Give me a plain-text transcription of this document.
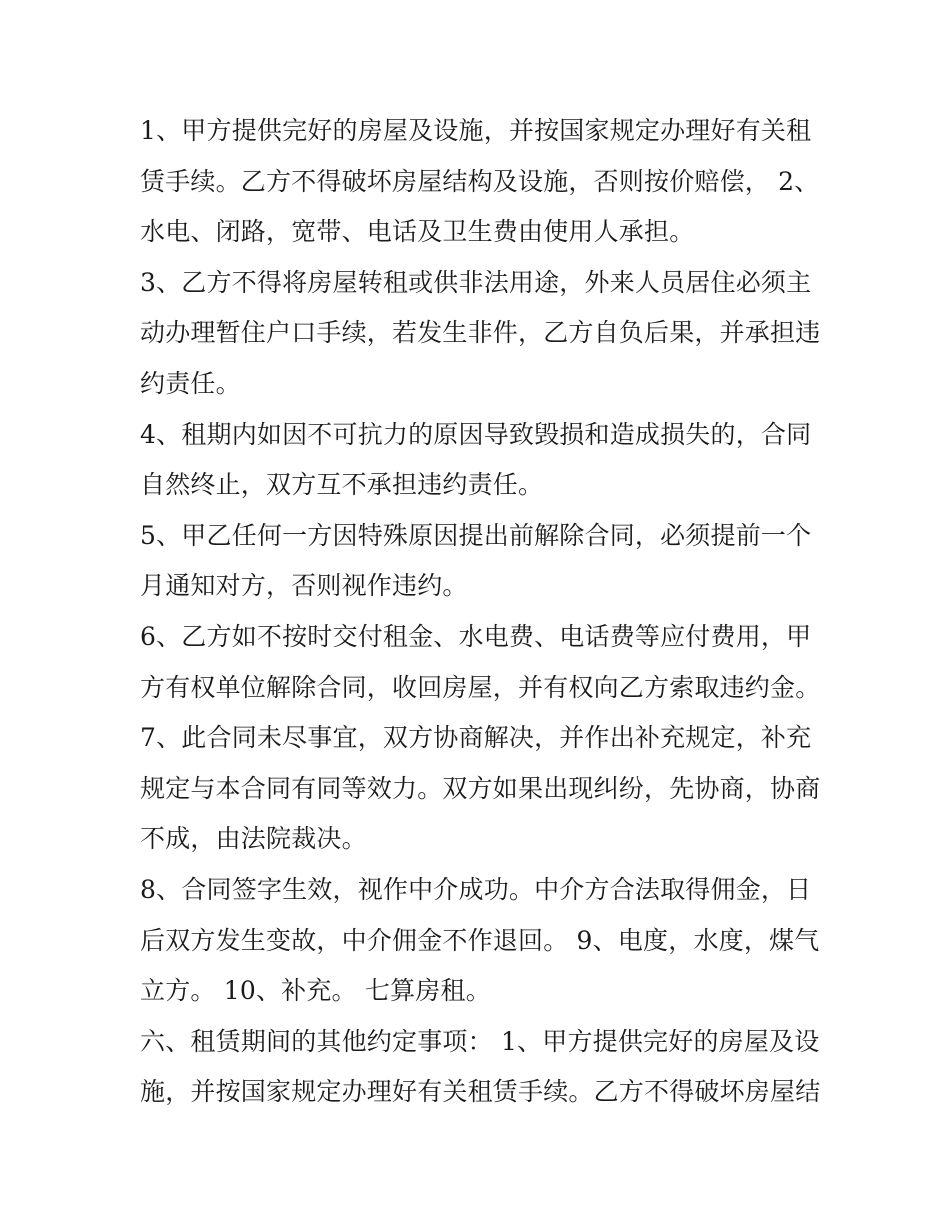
1、甲方提供完好的房屋及设施，并按国家规定办理好有关租
赁手续。乙方不得破坏房屋结构及设施，否则按价赔偿， 2、
水电、闭路，宽带、电话及卫生费由使用人承担。
3、乙方不得将房屋转租或供非法用途，外来人员居住必须主
动办理暂住户口手续，若发生非件，乙方自负后果，并承担违
约责任。
4、租期内如因不可抗力的原因导致毁损和造成损失的，合同
自然终止，双方互不承担违约责任。
5、甲乙任何一方因特殊原因提出前解除合同，必须提前一个
月通知对方，否则视作违约。
6、乙方如不按时交付租金、水电费、电话费等应付费用，甲
方有权单位解除合同，收回房屋，并有权向乙方索取违约金。
7、此合同未尽事宜，双方协商解决，并作出补充规定，补充
规定与本合同有同等效力。双方如果出现纠纷，先协商，协商
不成，由法院裁决。
8、合同签字生效，视作中介成功。中介方合法取得佣金，日
后双方发生变故，中介佣金不作退回。 9、电度，水度，煤气
立方。 10、补充。 七算房租。
六、租赁期间的其他约定事项： 1、甲方提供完好的房屋及设
施，并按国家规定办理好有关租赁手续。乙方不得破坏房屋结
